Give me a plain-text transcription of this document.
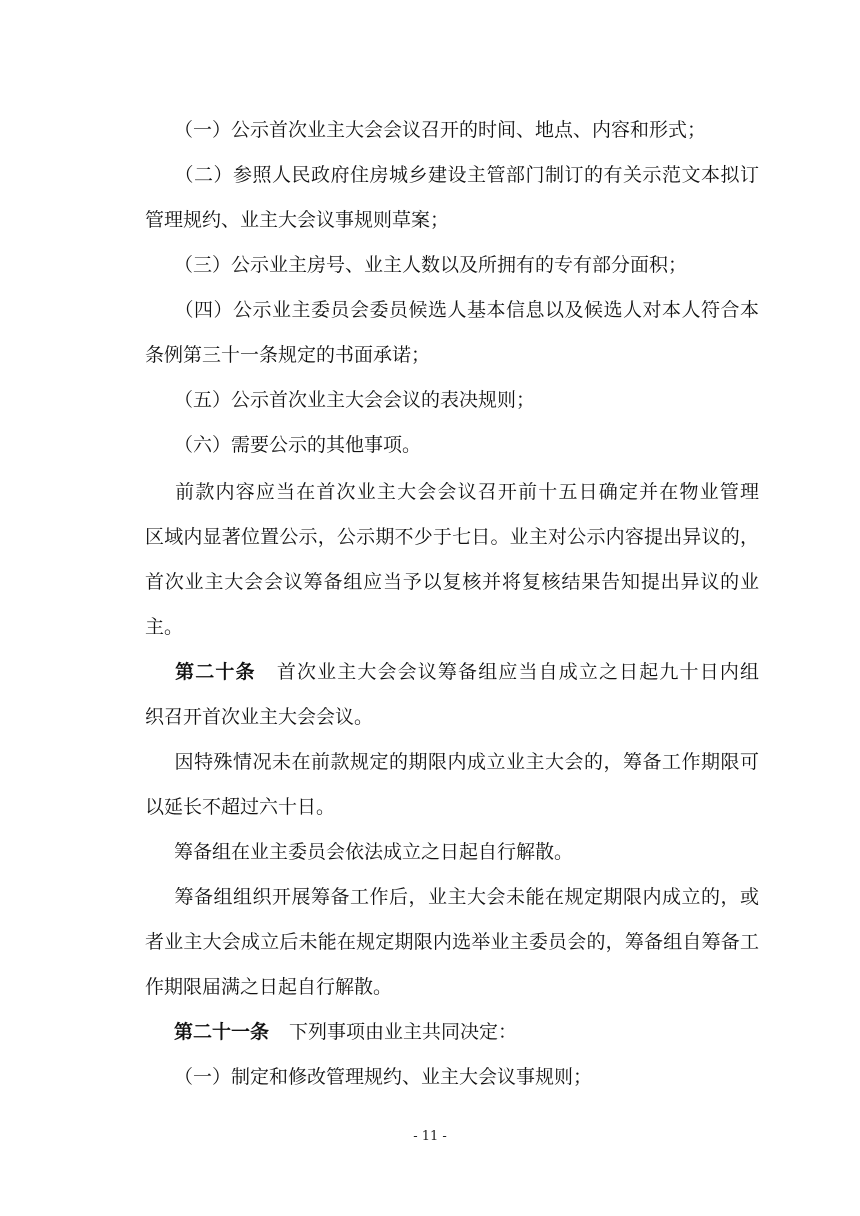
（一）公示首次业主大会会议召开的时间、地点、内容和形式；
（二）参照人民政府住房城乡建设主管部门制订的有关示范文本拟订
管理规约、业主大会议事规则草案；
（三）公示业主房号、业主人数以及所拥有的专有部分面积；
（四）公示业主委员会委员候选人基本信息以及候选人对本人符合本
条例第三十一条规定的书面承诺；
（五）公示首次业主大会会议的表决规则；
（六）需要公示的其他事项。
前款内容应当在首次业主大会会议召开前十五日确定并在物业管理
区域内显著位置公示，公示期不少于七日。业主对公示内容提出异议的，
首次业主大会会议筹备组应当予以复核并将复核结果告知提出异议的业
主。
第二十条 首次业主大会会议筹备组应当自成立之日起九十日内组
织召开首次业主大会会议。
因特殊情况未在前款规定的期限内成立业主大会的，筹备工作期限可
以延长不超过六十日。
筹备组在业主委员会依法成立之日起自行解散。
筹备组组织开展筹备工作后，业主大会未能在规定期限内成立的，或
者业主大会成立后未能在规定期限内选举业主委员会的，筹备组自筹备工
作期限届满之日起自行解散。
第二十一条 下列事项由业主共同决定：
（一）制定和修改管理规约、业主大会议事规则；
- 11 -
